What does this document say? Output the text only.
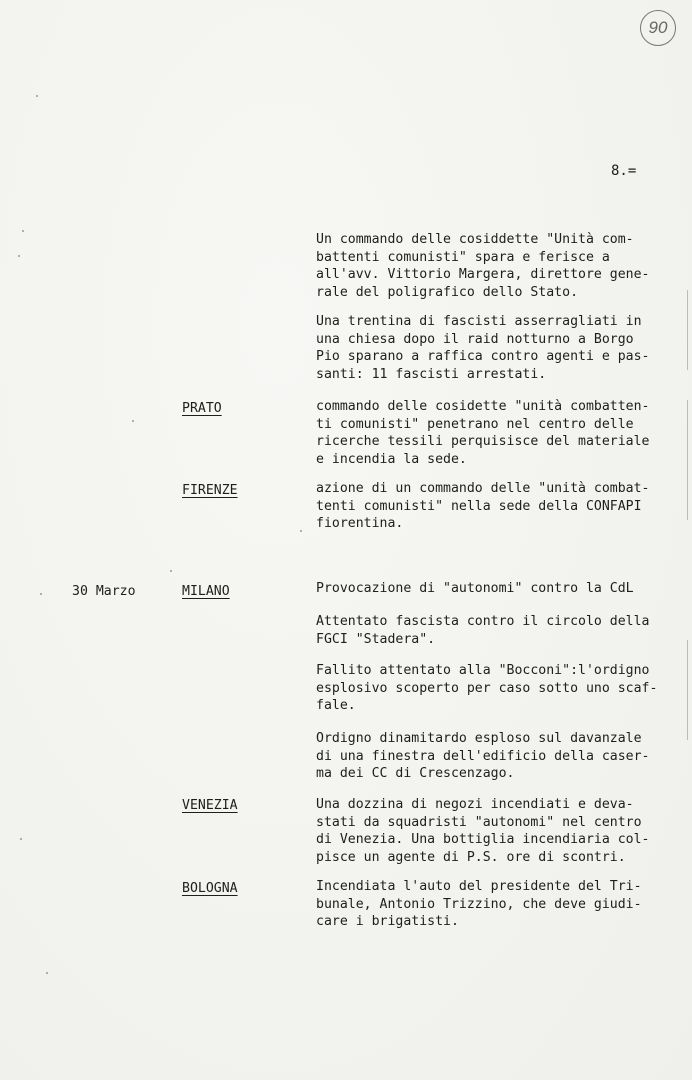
90
8.=
Un commando delle cosiddette "Unità com-
battenti comunisti" spara e ferisce a
all'avv. Vittorio Margera, direttore gene-
rale del poligrafico dello Stato.
Una trentina di fascisti asserragliati in
una chiesa dopo il raid notturno a Borgo
Pio sparano a raffica contro agenti e pas-
santi: 11 fascisti arrestati.
PRATO	commando delle cosidette "unità combatten-
ti comunisti" penetrano nel centro delle
ricerche tessili perquisisce del materiale
e incendia la sede.
FIRENZE	azione di un commando delle "unità combat-
tenti comunisti" nella sede della CONFAPI
fiorentina.
30 Marzo	MILANO	Provocazione di "autonomi" contro la CdL
Attentato fascista contro il circolo della
FGCI "Stadera".
Fallito attentato alla "Bocconi":l'ordigno
esplosivo scoperto per caso sotto uno scaf-
fale.
Ordigno dinamitardo esploso sul davanzale
di una finestra dell'edificio della caser-
ma dei CC di Crescenzago.
VENEZIA	Una dozzina di negozi incendiati e deva-
stati da squadristi "autonomi" nel centro
di Venezia. Una bottiglia incendiaria col-
pisce un agente di P.S. ore di scontri.
BOLOGNA	Incendiata l'auto del presidente del Tri-
bunale, Antonio Trizzino, che deve giudi-
care i brigatisti.
